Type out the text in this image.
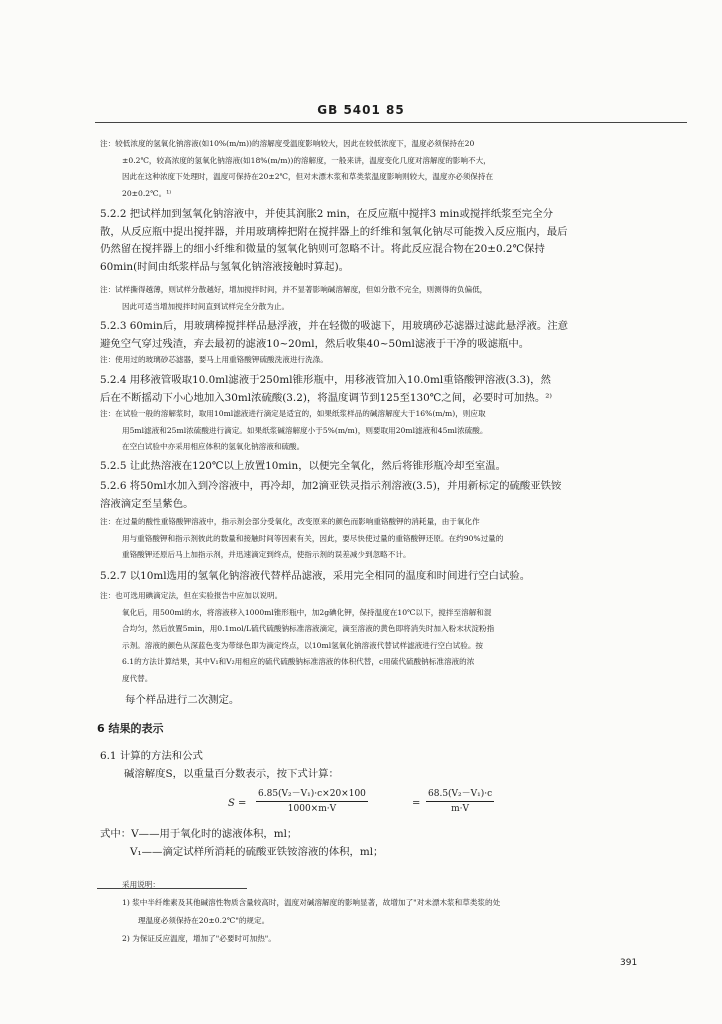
GB 5401 85
注：较低浓度的氢氧化钠溶液(如10%(m/m))的溶解度受温度影响较大，因此在较低浓度下，温度必须保持在20
±0.2℃，较高浓度的氢氧化钠溶液(如18%(m/m))的溶解度，一般来讲，温度变化几度对溶解度的影响不大，
因此在这种浓度下处理时，温度可保持在20±2℃，但对未漂木浆和草类浆温度影响则较大，温度亦必须保持在
20±0.2℃。¹⁾
5.2.2 把试样加到氢氧化钠溶液中，并使其润胀2 min，在反应瓶中搅拌3 min或搅拌纸浆至完全分
散，从反应瓶中提出搅拌器，并用玻璃棒把附在搅拌器上的纤维和氢氧化钠尽可能拨入反应瓶内，最后
仍然留在搅拌器上的细小纤维和微量的氢氧化钠则可忽略不计。将此反应混合物在20±0.2℃保持
60min(时间由纸浆样品与氢氧化钠溶液接触时算起)。
注：试样撕得越薄，则试样分散越好，增加搅拌时间，并不显著影响碱溶解度，但如分散不完全，则测得的负偏低，
因此可适当增加搅拌时间直到试样完全分散为止。
5.2.3 60min后，用玻璃棒搅拌样品悬浮液，并在轻微的吸滤下，用玻璃砂芯滤器过滤此悬浮液。注意
避免空气穿过残渣，弃去最初的滤液10~20ml，然后收集40~50ml滤液于干净的吸滤瓶中。
注：使用过的玻璃砂芯滤器，要马上用重铬酸钾硫酸洗液进行洗涤。
5.2.4 用移液管吸取10.0ml滤液于250ml锥形瓶中，用移液管加入10.0ml重铬酸钾溶液(3.3)，然
后在不断摇动下小心地加入30ml浓硫酸(3.2)，将温度调节到125至130℃之间，必要时可加热。²⁾
注：在试验一般的溶解浆时，取用10ml滤液进行滴定是适宜的，如果纸浆样品的碱溶解度大于16%(m/m)，则应取
用5ml滤液和25ml浓硫酸进行滴定。如果纸浆碱溶解度小于5%(m/m)，则要取用20ml滤液和45ml浓硫酸。
在空白试验中亦采用相应体积的氢氧化钠溶液和硫酸。
5.2.5 让此热溶液在120℃以上放置10min，以便完全氧化，然后将锥形瓶冷却至室温。
5.2.6 将50ml水加入到冷溶液中，再冷却，加2滴亚铁灵指示剂溶液(3.5)，并用新标定的硫酸亚铁铵
溶液滴定至呈紫色。
注：在过量的酸性重铬酸钾溶液中，指示剂会部分受氧化，改变原来的颜色而影响重铬酸钾的消耗量，由于氧化作
用与重铬酸钾和指示剂彼此的数量和接触时间等因素有关，因此，要尽快使过量的重铬酸钾还原。在约90%过量的
重铬酸钾还原后马上加指示剂，并迅速滴定到终点，使指示剂的误差减少到忽略不计。
5.2.7 以10ml选用的氢氧化钠溶液代替样品滤液，采用完全相同的温度和时间进行空白试验。
注：也可选用碘滴定法，但在实验报告中应加以说明。
氧化后，用500ml的水，将溶液移入1000ml锥形瓶中，加2g碘化钾，保持温度在10℃以下，搅拌至溶解和混
合均匀，然后放置5min，用0.1mol/L硫代硫酸钠标准溶液滴定，滴至溶液的黄色即将消失时加入粉末状淀粉指
示剂。溶液的颜色从深蓝色变为带绿色即为滴定终点，以10ml氢氧化钠溶液代替试样滤液进行空白试验。按
6.1的方法计算结果，其中V₁和V₂用相应的硫代硫酸钠标准溶液的体积代替，c用硫代硫酸钠标准溶液的浓
度代替。
每个样品进行二次测定。
6 结果的表示
6.1 计算的方法和公式
碱溶解度S，以重量百分数表示，按下式计算：
$S = \frac{\text{6.85(V₂－V₁)·c×20×100}}{1000\times m\cdot V}$	= $\frac{\text{68.5(V₂－V₁)·c}}{m\cdot V}$
式中：V——用于氧化时的滤液体积，ml；
V₁——滴定试样所消耗的硫酸亚铁铵溶液的体积，ml；
采用说明：
1) 浆中半纤维素及其他碱溶性物质含量较高时，温度对碱溶解度的影响显著，故增加了"对未漂木浆和草类浆的处
理温度必须保持在20±0.2℃"的规定。
2) 为保证反应温度，增加了"必要时可加热"。
391
